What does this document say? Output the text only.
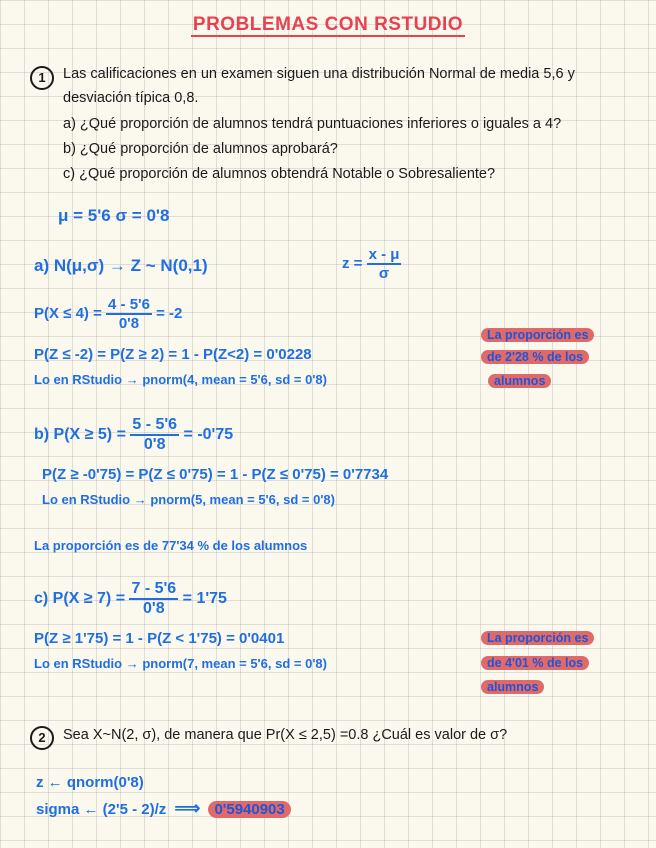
PROBLEMAS CON RSTUDIO
1	Las calificaciones en un examen siguen una distribución Normal de media 5,6 y
desviación típica 0,8.
a) ¿Qué proporción de alumnos tendrá puntuaciones inferiores o iguales a 4?
b) ¿Qué proporción de alumnos aprobará?
c) ¿Qué proporción de alumnos obtendrá Notable o Sobresaliente?
μ = 5'6 σ = 0'8
a) N(μ,σ) → Z ~ N(0,1)	$z = \frac{x - \mu}{\sigma}$
$P(X \le 4) = \frac{4 - 5'6}{0'8} = -2$
P(Z ≤ -2) = P(Z ≥ 2) = 1 - P(Z<2) = 0'0228
Lo en RStudio → pnorm(4, mean = 5'6, sd = 0'8)
La proporción es
de 2'28 % de los
alumnos
b) $P(X \ge 5) = \frac{5 - 5'6}{0'8} = -0'75$
P(Z ≥ -0'75) = P(Z ≤ 0'75) = 1 - P(Z ≤ 0'75) = 0'7734
Lo en RStudio → pnorm(5, mean = 5'6, sd = 0'8)
La proporción es de 77'34 % de los alumnos
c) $P(X \ge 7) = \frac{7 - 5'6}{0'8} = 1'75$
P(Z ≥ 1'75) = 1 - P(Z < 1'75) = 0'0401
Lo en RStudio → pnorm(7, mean = 5'6, sd = 0'8)
La proporción es
de 4'01 % de los
alumnos
2	Sea X~N(2, σ), de manera que Pr(X ≤ 2,5) =0.8 ¿Cuál es valor de σ?
z ← qnorm(0'8)
sigma ← (2'5 - 2)/z ⟹ 0'5940903
